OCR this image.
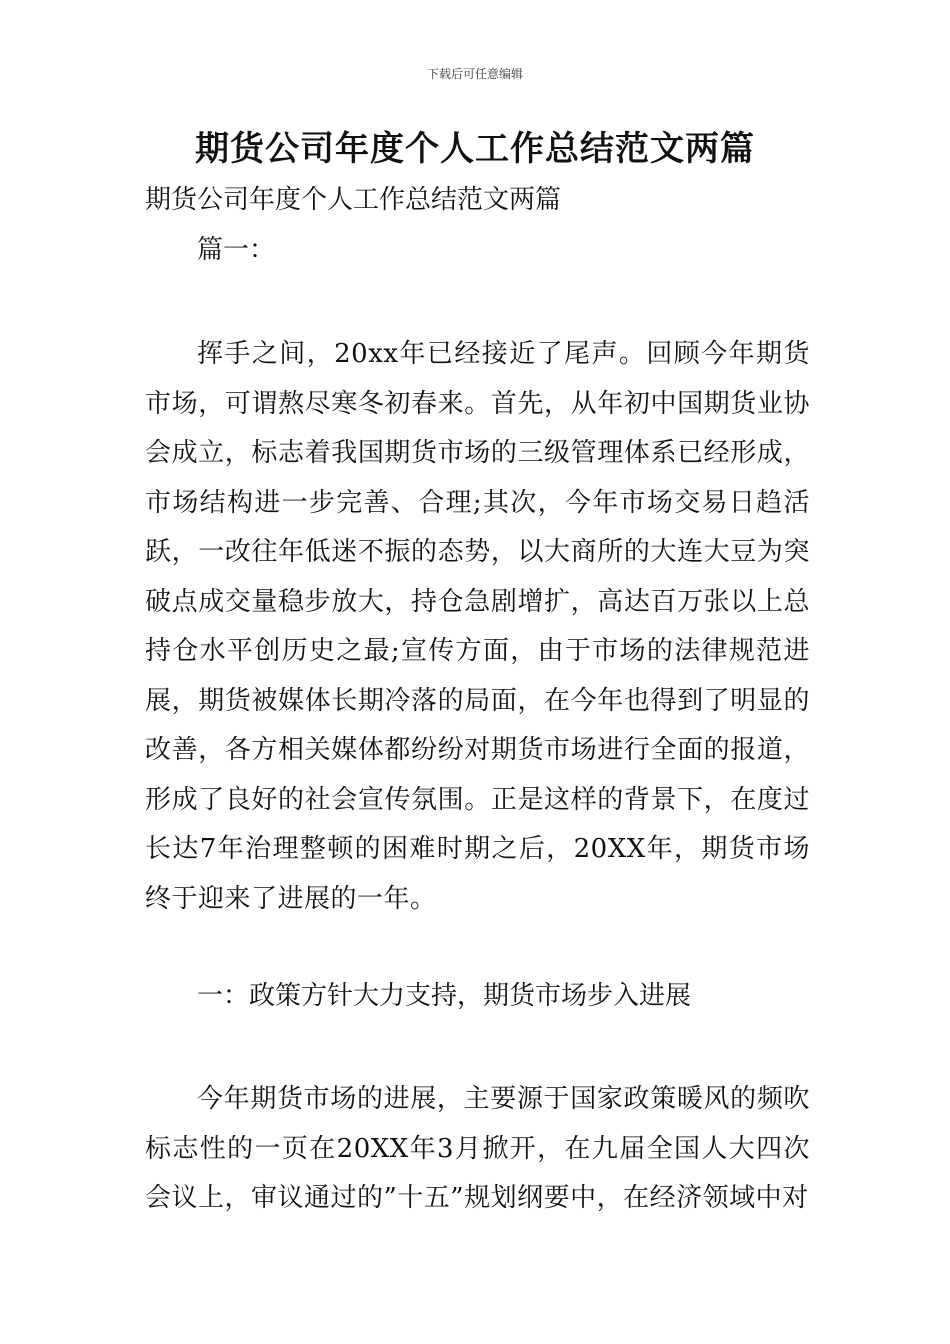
下载后可任意编辑
期货公司年度个人工作总结范文两篇
期货公司年度个人工作总结范文两篇
篇一：
挥手之间，20xx年已经接近了尾声。回顾今年期货市场，可谓熬尽寒冬初春来。首先，从年初中国期货业协会成立，标志着我国期货市场的三级管理体系已经形成，市场结构进一步完善、合理;其次，今年市场交易日趋活跃，一改往年低迷不振的态势，以大商所的大连大豆为突破点成交量稳步放大，持仓急剧增扩，高达百万张以上总持仓水平创历史之最;宣传方面，由于市场的法律规范进展，期货被媒体长期冷落的局面，在今年也得到了明显的改善，各方相关媒体都纷纷对期货市场进行全面的报道，形成了良好的社会宣传氛围。正是这样的背景下，在度过长达7年治理整顿的困难时期之后，20XX年，期货市场终于迎来了进展的一年。
一：政策方针大力支持，期货市场步入进展
今年期货市场的进展，主要源于国家政策暖风的频吹标志性的一页在20XX年3月掀开，在九届全国人大四次会议上，审议通过的”十五”规划纲要中，在经济领域中对
